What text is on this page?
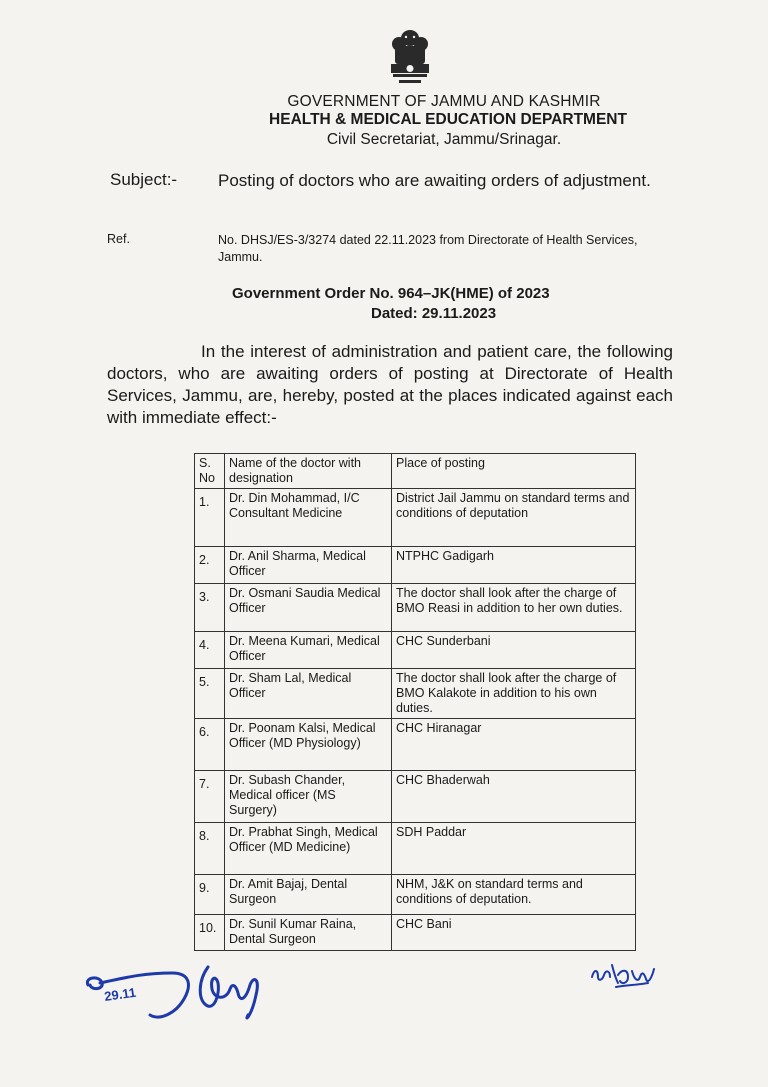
GOVERNMENT OF JAMMU AND KASHMIR
HEALTH & MEDICAL EDUCATION DEPARTMENT
Civil Secretariat, Jammu/Srinagar.
Subject:- Posting of doctors who are awaiting orders of adjustment.
Ref.	No. DHSJ/ES-3/3274 dated 22.11.2023 from Directorate of Health Services, Jammu.
Government Order No. 964–JK(HME) of 2023
Dated: 29.11.2023
In the interest of administration and patient care, the following doctors, who are awaiting orders of posting at Directorate of Health Services, Jammu, are, hereby, posted at the places indicated against each with immediate effect:-
S. No	Name of the doctor with designation	Place of posting
1.	Dr. Din Mohammad, I/C Consultant Medicine	District Jail Jammu on standard terms and conditions of deputation
2.	Dr. Anil Sharma, Medical Officer	NTPHC Gadigarh
3.	Dr. Osmani Saudia Medical Officer	The doctor shall look after the charge of BMO Reasi in addition to her own duties.
4.	Dr. Meena Kumari, Medical Officer	CHC Sunderbani
5.	Dr. Sham Lal, Medical Officer	The doctor shall look after the charge of BMO Kalakote in addition to his own duties.
6.	Dr. Poonam Kalsi, Medical Officer (MD Physiology)	CHC Hiranagar
7.	Dr. Subash Chander, Medical officer (MS Surgery)	CHC Bhaderwah
8.	Dr. Prabhat Singh, Medical Officer (MD Medicine)	SDH Paddar
9.	Dr. Amit Bajaj, Dental Surgeon	NHM, J&K on standard terms and conditions of deputation.
10.	Dr. Sunil Kumar Raina, Dental Surgeon	CHC Bani
29.11
